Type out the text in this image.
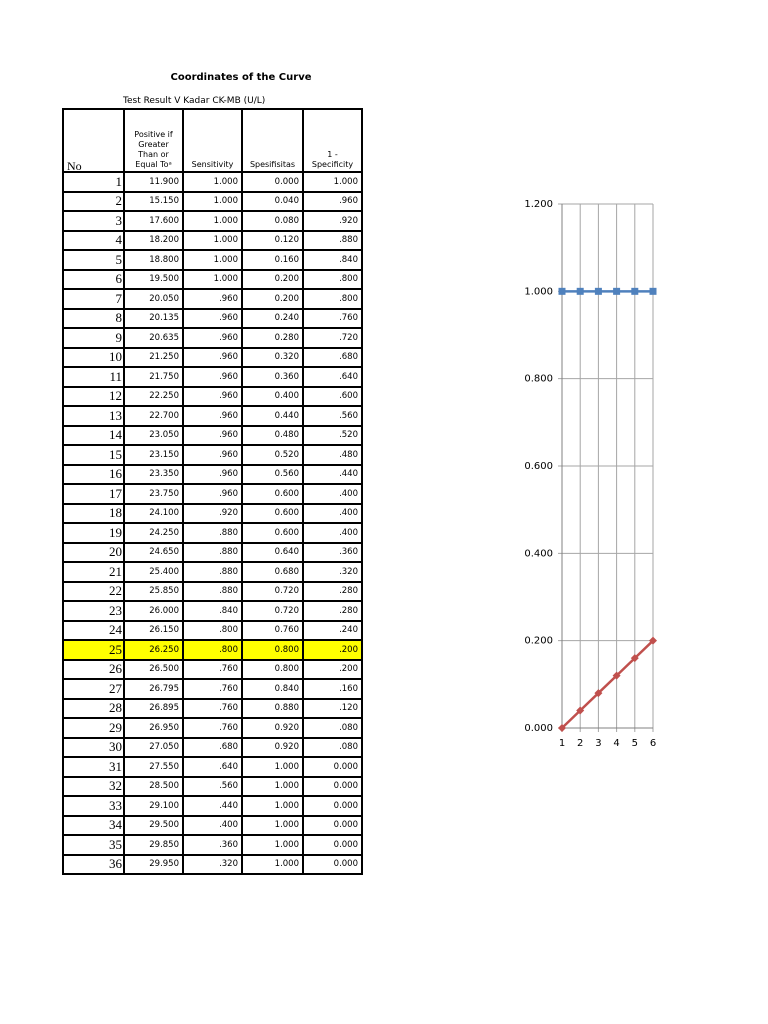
Coordinates of the Curve
Test Result V Kadar CK-MB (U/L)
No	Positive if Greater Than or Equal Toᵃ	Sensitivity	Spesifisitas	1 - Specificity
1	11.900	1.000	0.000	1.000
2	15.150	1.000	0.040	.960
3	17.600	1.000	0.080	.920
4	18.200	1.000	0.120	.880
5	18.800	1.000	0.160	.840
6	19.500	1.000	0.200	.800
7	20.050	.960	0.200	.800
8	20.135	.960	0.240	.760
9	20.635	.960	0.280	.720
10	21.250	.960	0.320	.680
11	21.750	.960	0.360	.640
12	22.250	.960	0.400	.600
13	22.700	.960	0.440	.560
14	23.050	.960	0.480	.520
15	23.150	.960	0.520	.480
16	23.350	.960	0.560	.440
17	23.750	.960	0.600	.400
18	24.100	.920	0.600	.400
19	24.250	.880	0.600	.400
20	24.650	.880	0.640	.360
21	25.400	.880	0.680	.320
22	25.850	.880	0.720	.280
23	26.000	.840	0.720	.280
24	26.150	.800	0.760	.240
25	26.250	.800	0.800	.200
26	26.500	.760	0.800	.200
27	26.795	.760	0.840	.160
28	26.895	.760	0.880	.120
29	26.950	.760	0.920	.080
30	27.050	.680	0.920	.080
31	27.550	.640	1.000	0.000
32	28.500	.560	1.000	0.000
33	29.100	.440	1.000	0.000
34	29.500	.400	1.000	0.000
35	29.850	.360	1.000	0.000
36	29.950	.320	1.000	0.000
0.000
0.200
0.400
0.600
0.800
1.000
1.200
1 2 3 4 5 6
